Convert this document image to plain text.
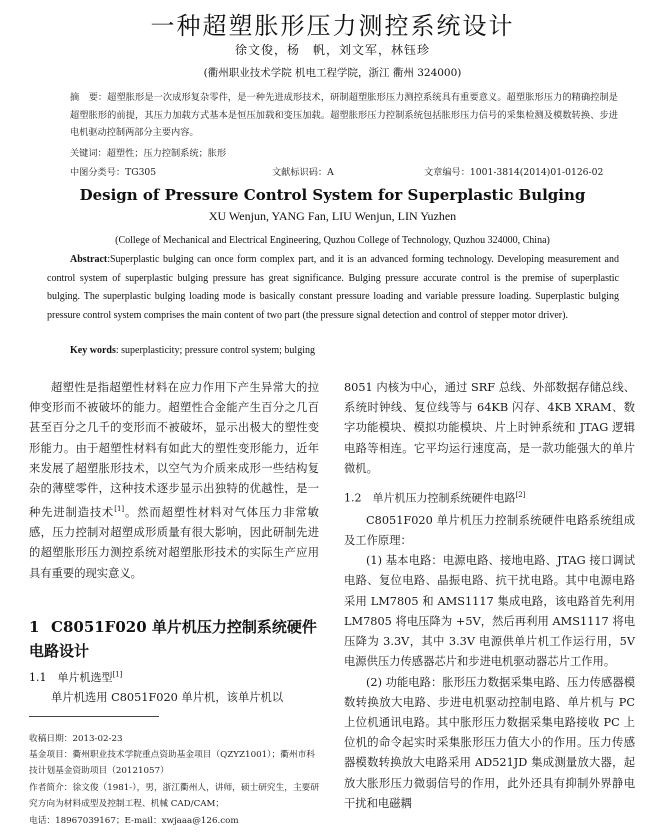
一种超塑胀形压力测控系统设计
徐文俊，杨　帆，刘文军，林钰珍
(衢州职业技术学院 机电工程学院，浙江 衢州 324000)
摘　要：超塑胀形是一次成形复杂零件，是一种先进成形技术，研制超塑胀形压力测控系统具有重要意义。超塑胀形压力的精确控制是超塑胀形的前提，其压力加载方式基本是恒压加载和变压加载。超塑胀形压力控制系统包括胀形压力信号的采集检测及模数转换、步进电机驱动控制两部分主要内容。
关键词：超塑性；压力控制系统；胀形
中图分类号：TG305	文献标识码：A	文章编号：1001-3814(2014)01-0126-02
Design of Pressure Control System for Superplastic Bulging
XU Wenjun, YANG Fan, LIU Wenjun, LIN Yuzhen
(College of Mechanical and Electrical Engineering, Quzhou College of Technology, Quzhou 324000, China)
Abstract:Superplastic bulging can once form complex part, and it is an advanced forming technology. Developing measurement and control system of superplastic bulging pressure has great significance. Bulging pressure accurate control is the premise of superplastic bulging. The superplastic bulging loading mode is basically constant pressure loading and variable pressure loading. Superplastic bulging pressure control system comprises the main content of two part (the pressure signal detection and control of stepper motor driver).
Key words: superplasticity; pressure control system; bulging

超塑性是指超塑性材料在应力作用下产生异常大的拉伸变形而不被破坏的能力。超塑性合金能产生百分之几百甚至百分之几千的变形而不被破坏，显示出极大的塑性变形能力。由于超塑性材料有如此大的塑性变形能力，近年来发展了超塑胀形技术，以空气为介质来成形一些结构复杂的薄壁零件，这种技术逐步显示出独特的优越性，是一种先进制造技术[1]。然而超塑性材料对气体压力非常敏感，压力控制对超塑成形质量有很大影响，因此研制先进的超塑胀形压力测控系统对超塑胀形技术的实际生产应用具有重要的现实意义。

1 C8051F020 单片机压力控制系统硬件电路设计
1.1　单片机选型[1]

单片机选用 C8051F020 单片机，该单片机以

收稿日期：2013-02-23
基金项目：衢州职业技术学院重点资助基金项目（QZYZ1001）；衢州市科技计划基金资助项目（20121057）
作者简介：徐文俊（1981-），男，浙江衢州人，讲师，硕士研究生，主要研究方向为材料成型及控制工程、机械 CAD/CAM；
电话：18967039167；E-mail：xwjaaa@126.com

8051 内核为中心，通过 SRF 总线、外部数据存储总线、系统时钟线、复位线等与 64KB 闪存、4KB XRAM、数字功能模块、模拟功能模块、片上时钟系统和 JTAG 逻辑电路等相连。它平均运行速度高，是一款功能强大的单片微机。

1.2　单片机压力控制系统硬件电路[2]

C8051F020 单片机压力控制系统硬件电路系统组成及工作原理：

(1) 基本电路：电源电路、接地电路、JTAG 接口调试电路、复位电路、晶振电路、抗干扰电路。其中电源电路采用 LM7805 和 AMS1117 集成电路，该电路首先利用 LM7805 将电压降为 +5V，然后再利用 AMS1117 将电压降为 3.3V，其中 3.3V 电源供单片机工作运行用，5V 电源供压力传感器芯片和步进电机驱动器芯片工作用。

(2) 功能电路：胀形压力数据采集电路、压力传感器模数转换放大电路、步进电机驱动控制电路、单片机与 PC 上位机通讯电路。其中胀形压力数据采集电路接收 PC 上位机的命令起实时采集胀形压力值大小的作用。压力传感器模数转换放大电路采用 AD521JD 集成测量放大器，起放大胀形压力微弱信号的作用，此外还具有抑制外界静电干扰和电磁耦
